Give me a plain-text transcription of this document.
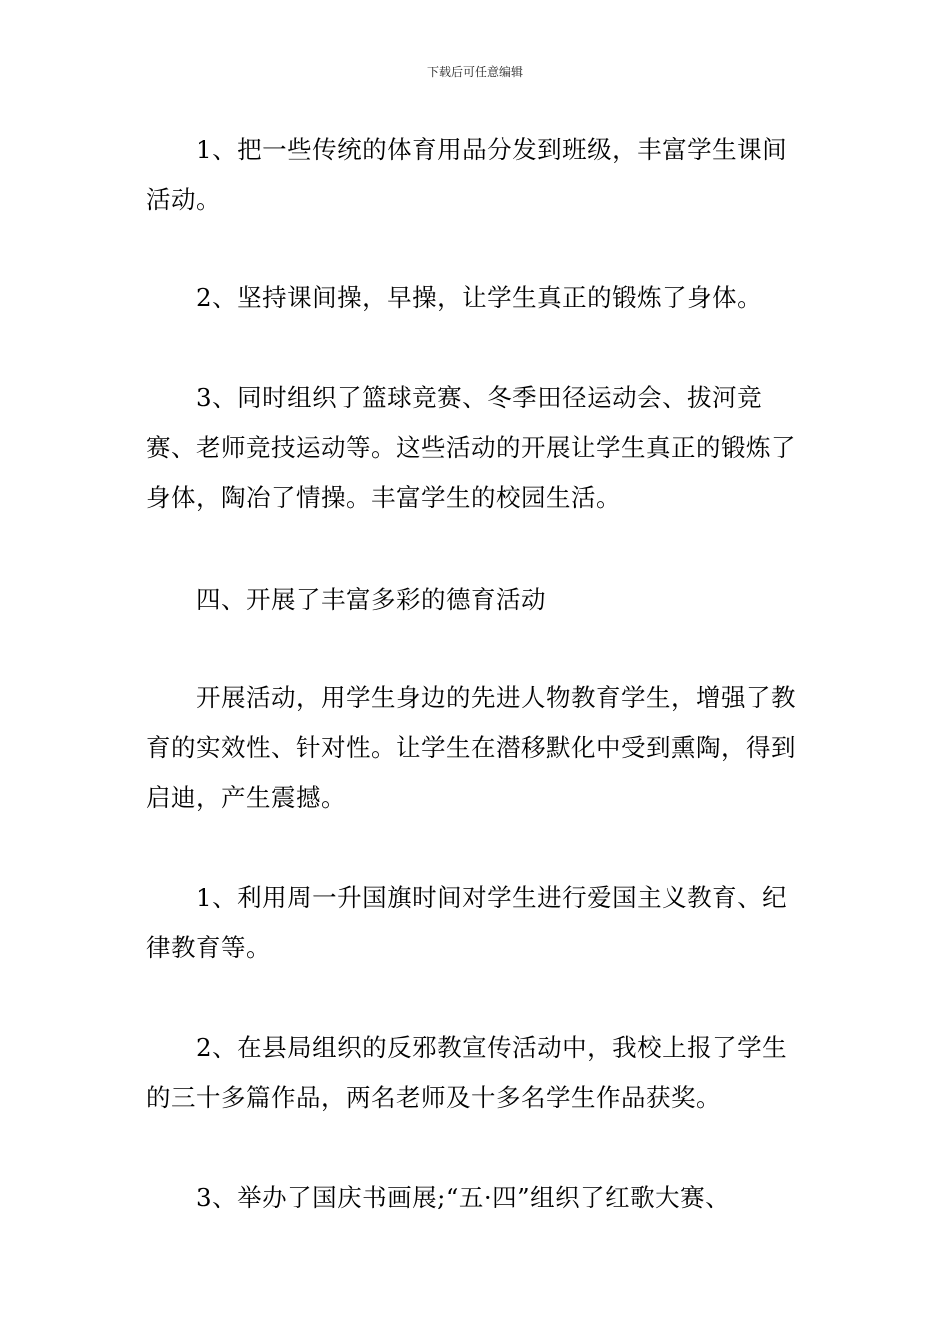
下载后可任意编辑

1、把一些传统的体育用品分发到班级，丰富学生课间活动。

2、坚持课间操，早操，让学生真正的锻炼了身体。

3、同时组织了篮球竞赛、冬季田径运动会、拔河竞赛、老师竞技运动等。这些活动的开展让学生真正的锻炼了身体，陶冶了情操。丰富学生的校园生活。

四、开展了丰富多彩的德育活动

开展活动，用学生身边的先进人物教育学生，增强了教育的实效性、针对性。让学生在潜移默化中受到熏陶，得到启迪，产生震撼。

1、利用周一升国旗时间对学生进行爱国主义教育、纪律教育等。

2、在县局组织的反邪教宣传活动中，我校上报了学生的三十多篇作品，两名老师及十多名学生作品获奖。

3、举办了国庆书画展;“五·四”组织了红歌大赛、
